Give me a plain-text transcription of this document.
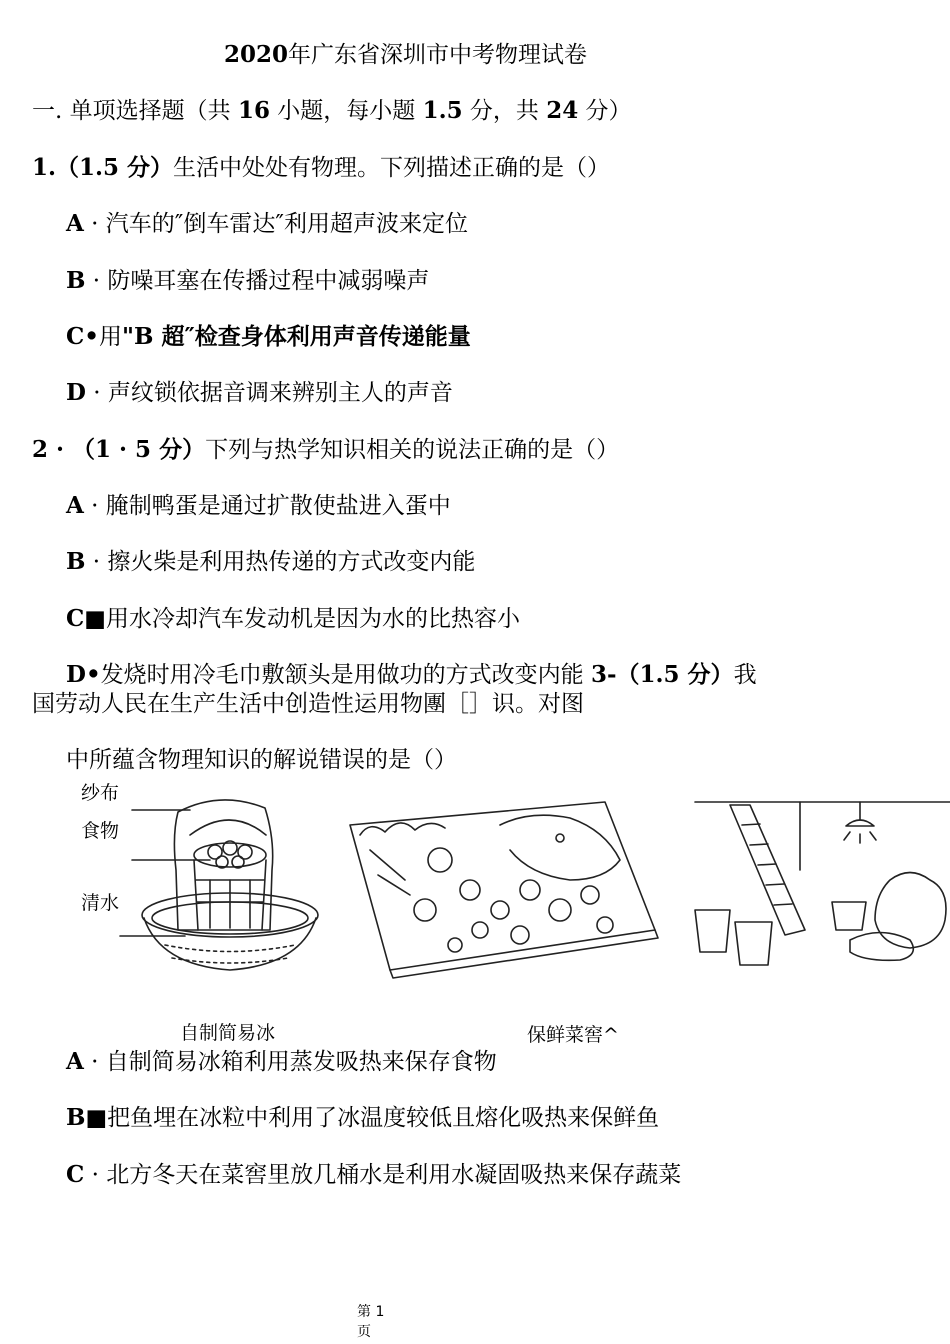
2020年广东省深圳市中考物理试卷
一. 单项选择题（共 16 小题，每小题 1.5 分，共 24 分）
1.（1.5 分）生活中处处有物理。下列描述正确的是（）
A · 汽车的″倒车雷达″利用超声波来定位
B · 防噪耳塞在传播过程中减弱噪声
C•用"B 超″检查身体利用声音传递能量
D · 声纹锁依据音调来辨别主人的声音
2 · （1 · 5 分）下列与热学知识相关的说法正确的是（）
A · 腌制鸭蛋是通过扩散使盐进入蛋中
B · 擦火柴是利用热传递的方式改变内能
C■用水冷却汽车发动机是因为水的比热容小
D•发烧时用冷毛巾敷颔头是用做功的方式改变内能 3-（1.5 分）我
国劳动人民在生产生活中创造性运用物團［］识。对图
中所蕴含物理知识的解说错误的是（）
纱布
食物
清水
自制简易冰	保鲜菜窖^
A · 自制简易冰箱利用蒸发吸热来保存食物
B■把鱼埋在冰粒中利用了冰温度较低且熔化吸热来保鲜鱼
C · 北方冬天在菜窖里放几桶水是利用水凝固吸热来保存蔬菜
第 1
页
